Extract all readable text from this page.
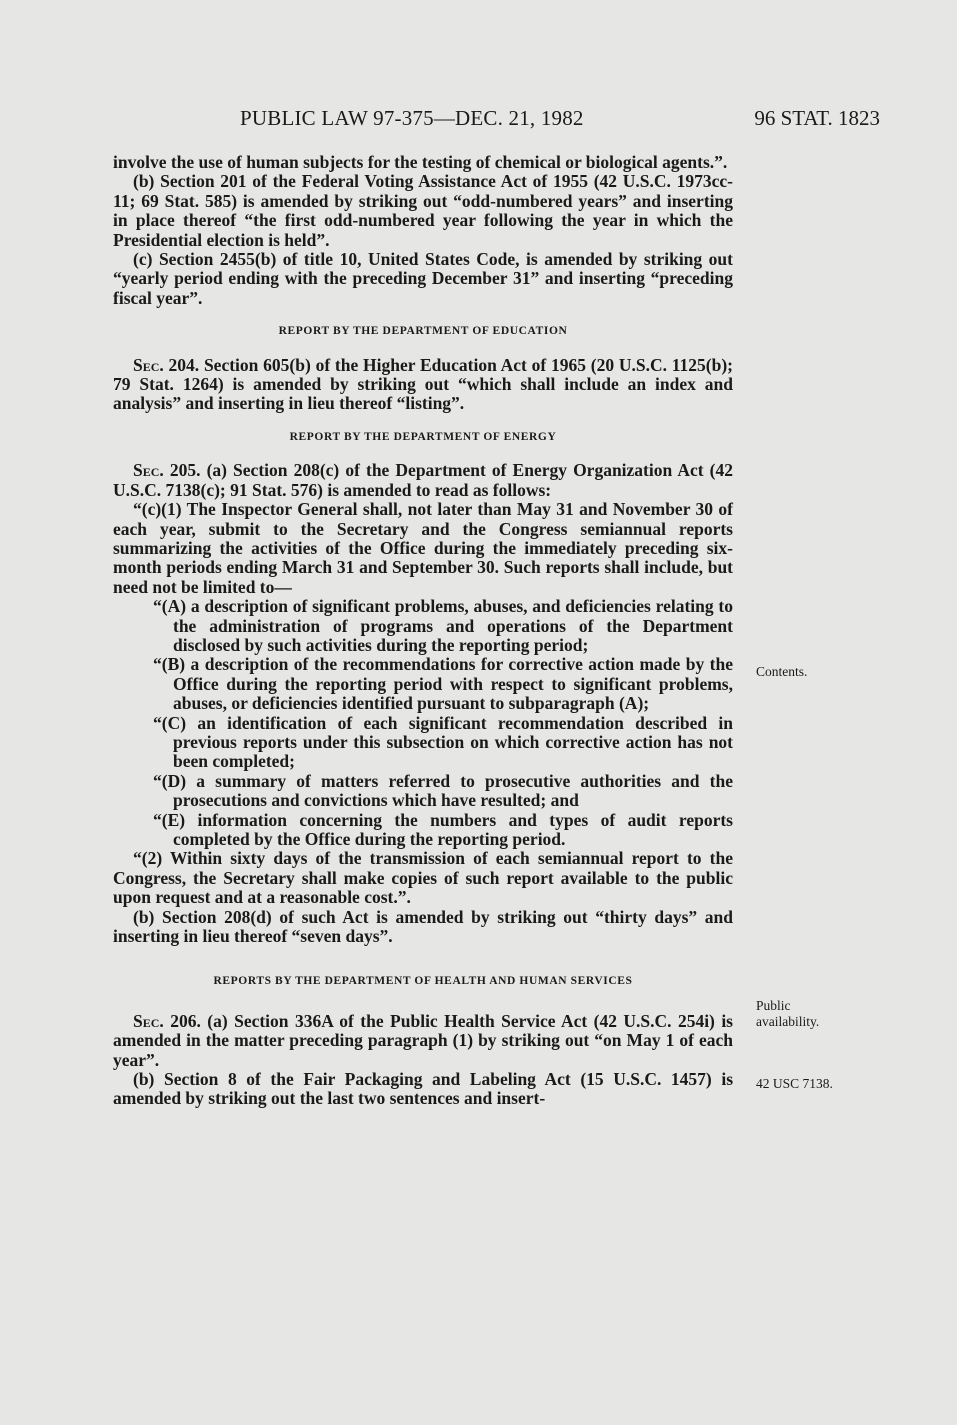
PUBLIC LAW 97-375—DEC. 21, 1982	96 STAT. 1823

involve the use of human subjects for the testing of chemical or biological agents.”.

(b) Section 201 of the Federal Voting Assistance Act of 1955 (42 U.S.C. 1973cc-11; 69 Stat. 585) is amended by striking out “odd-numbered years” and inserting in place thereof “the first odd-numbered year following the year in which the Presidential election is held”.

(c) Section 2455(b) of title 10, United States Code, is amended by striking out “yearly period ending with the preceding December 31” and inserting “preceding fiscal year”.

REPORT BY THE DEPARTMENT OF EDUCATION

Sec. 204. Section 605(b) of the Higher Education Act of 1965 (20 U.S.C. 1125(b); 79 Stat. 1264) is amended by striking out “which shall include an index and analysis” and inserting in lieu thereof “listing”.

REPORT BY THE DEPARTMENT OF ENERGY

Sec. 205. (a) Section 208(c) of the Department of Energy Organization Act (42 U.S.C. 7138(c); 91 Stat. 576) is amended to read as follows:

“(c)(1) The Inspector General shall, not later than May 31 and November 30 of each year, submit to the Secretary and the Congress semiannual reports summarizing the activities of the Office during the immediately preceding six-month periods ending March 31 and September 30. Such reports shall include, but need not be limited to—

“(A) a description of significant problems, abuses, and deficiencies relating to the administration of programs and operations of the Department disclosed by such activities during the reporting period;

“(B) a description of the recommendations for corrective action made by the Office during the reporting period with respect to significant problems, abuses, or deficiencies identified pursuant to subparagraph (A);

“(C) an identification of each significant recommendation described in previous reports under this subsection on which corrective action has not been completed;

“(D) a summary of matters referred to prosecutive authorities and the prosecutions and convictions which have resulted; and

“(E) information concerning the numbers and types of audit reports completed by the Office during the reporting period.

“(2) Within sixty days of the transmission of each semiannual report to the Congress, the Secretary shall make copies of such report available to the public upon request and at a reasonable cost.”.

(b) Section 208(d) of such Act is amended by striking out “thirty days” and inserting in lieu thereof “seven days”.

REPORTS BY THE DEPARTMENT OF HEALTH AND HUMAN SERVICES

Sec. 206. (a) Section 336A of the Public Health Service Act (42 U.S.C. 254i) is amended in the matter preceding paragraph (1) by striking out “on May 1 of each year”.

(b) Section 8 of the Fair Packaging and Labeling Act (15 U.S.C. 1457) is amended by striking out the last two sentences and insert-

Contents.
Public
availability.
42 USC 7138.
